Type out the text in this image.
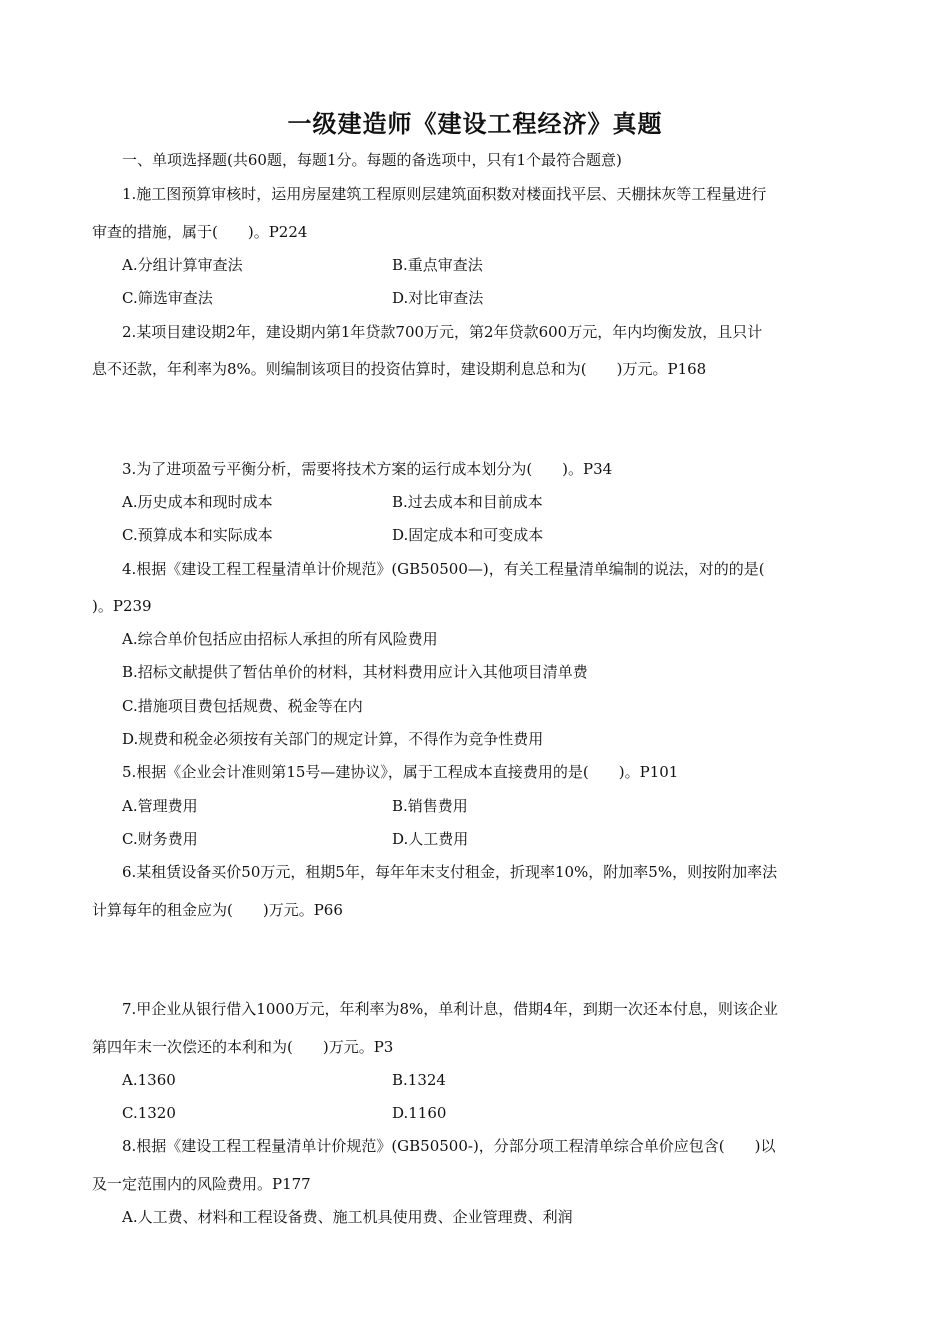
一级建造师《建设工程经济》真题
一、单项选择题(共60题，每题1分。每题的备选项中，只有1个最符合题意)
1.施工图预算审核时，运用房屋建筑工程原则层建筑面积数对楼面找平层、天棚抹灰等工程量进行
审查的措施，属于(　　)。P224
A.分组计算审查法	B.重点审查法
C.筛选审查法	D.对比审查法
2.某项目建设期2年，建设期内第1年贷款700万元，第2年贷款600万元，年内均衡发放，且只计
息不还款，年利率为8%。则编制该项目的投资估算时，建设期利息总和为(　　)万元。P168
3.为了进项盈亏平衡分析，需要将技术方案的运行成本划分为(　　)。P34
A.历史成本和现时成本	B.过去成本和目前成本
C.预算成本和实际成本	D.固定成本和可变成本
4.根据《建设工程工程量清单计价规范》(GB50500—)，有关工程量清单编制的说法，对的的是(
)。P239
A.综合单价包括应由招标人承担的所有风险费用
B.招标文献提供了暂估单价的材料，其材料费用应计入其他项目清单费
C.措施项目费包括规费、税金等在内
D.规费和税金必须按有关部门的规定计算，不得作为竞争性费用
5.根据《企业会计准则第15号—建协议》，属于工程成本直接费用的是(　　)。P101
A.管理费用	B.销售费用
C.财务费用	D.人工费用
6.某租赁设备买价50万元，租期5年，每年年末支付租金，折现率10%，附加率5%，则按附加率法
计算每年的租金应为(　　)万元。P66
7.甲企业从银行借入1000万元，年利率为8%，单利计息，借期4年，到期一次还本付息，则该企业
第四年末一次偿还的本利和为(　　)万元。P3
A.1360	B.1324
C.1320	D.1160
8.根据《建设工程工程量清单计价规范》(GB50500-)，分部分项工程清单综合单价应包含(　　)以
及一定范围内的风险费用。P177
A.人工费、材料和工程设备费、施工机具使用费、企业管理费、利润
